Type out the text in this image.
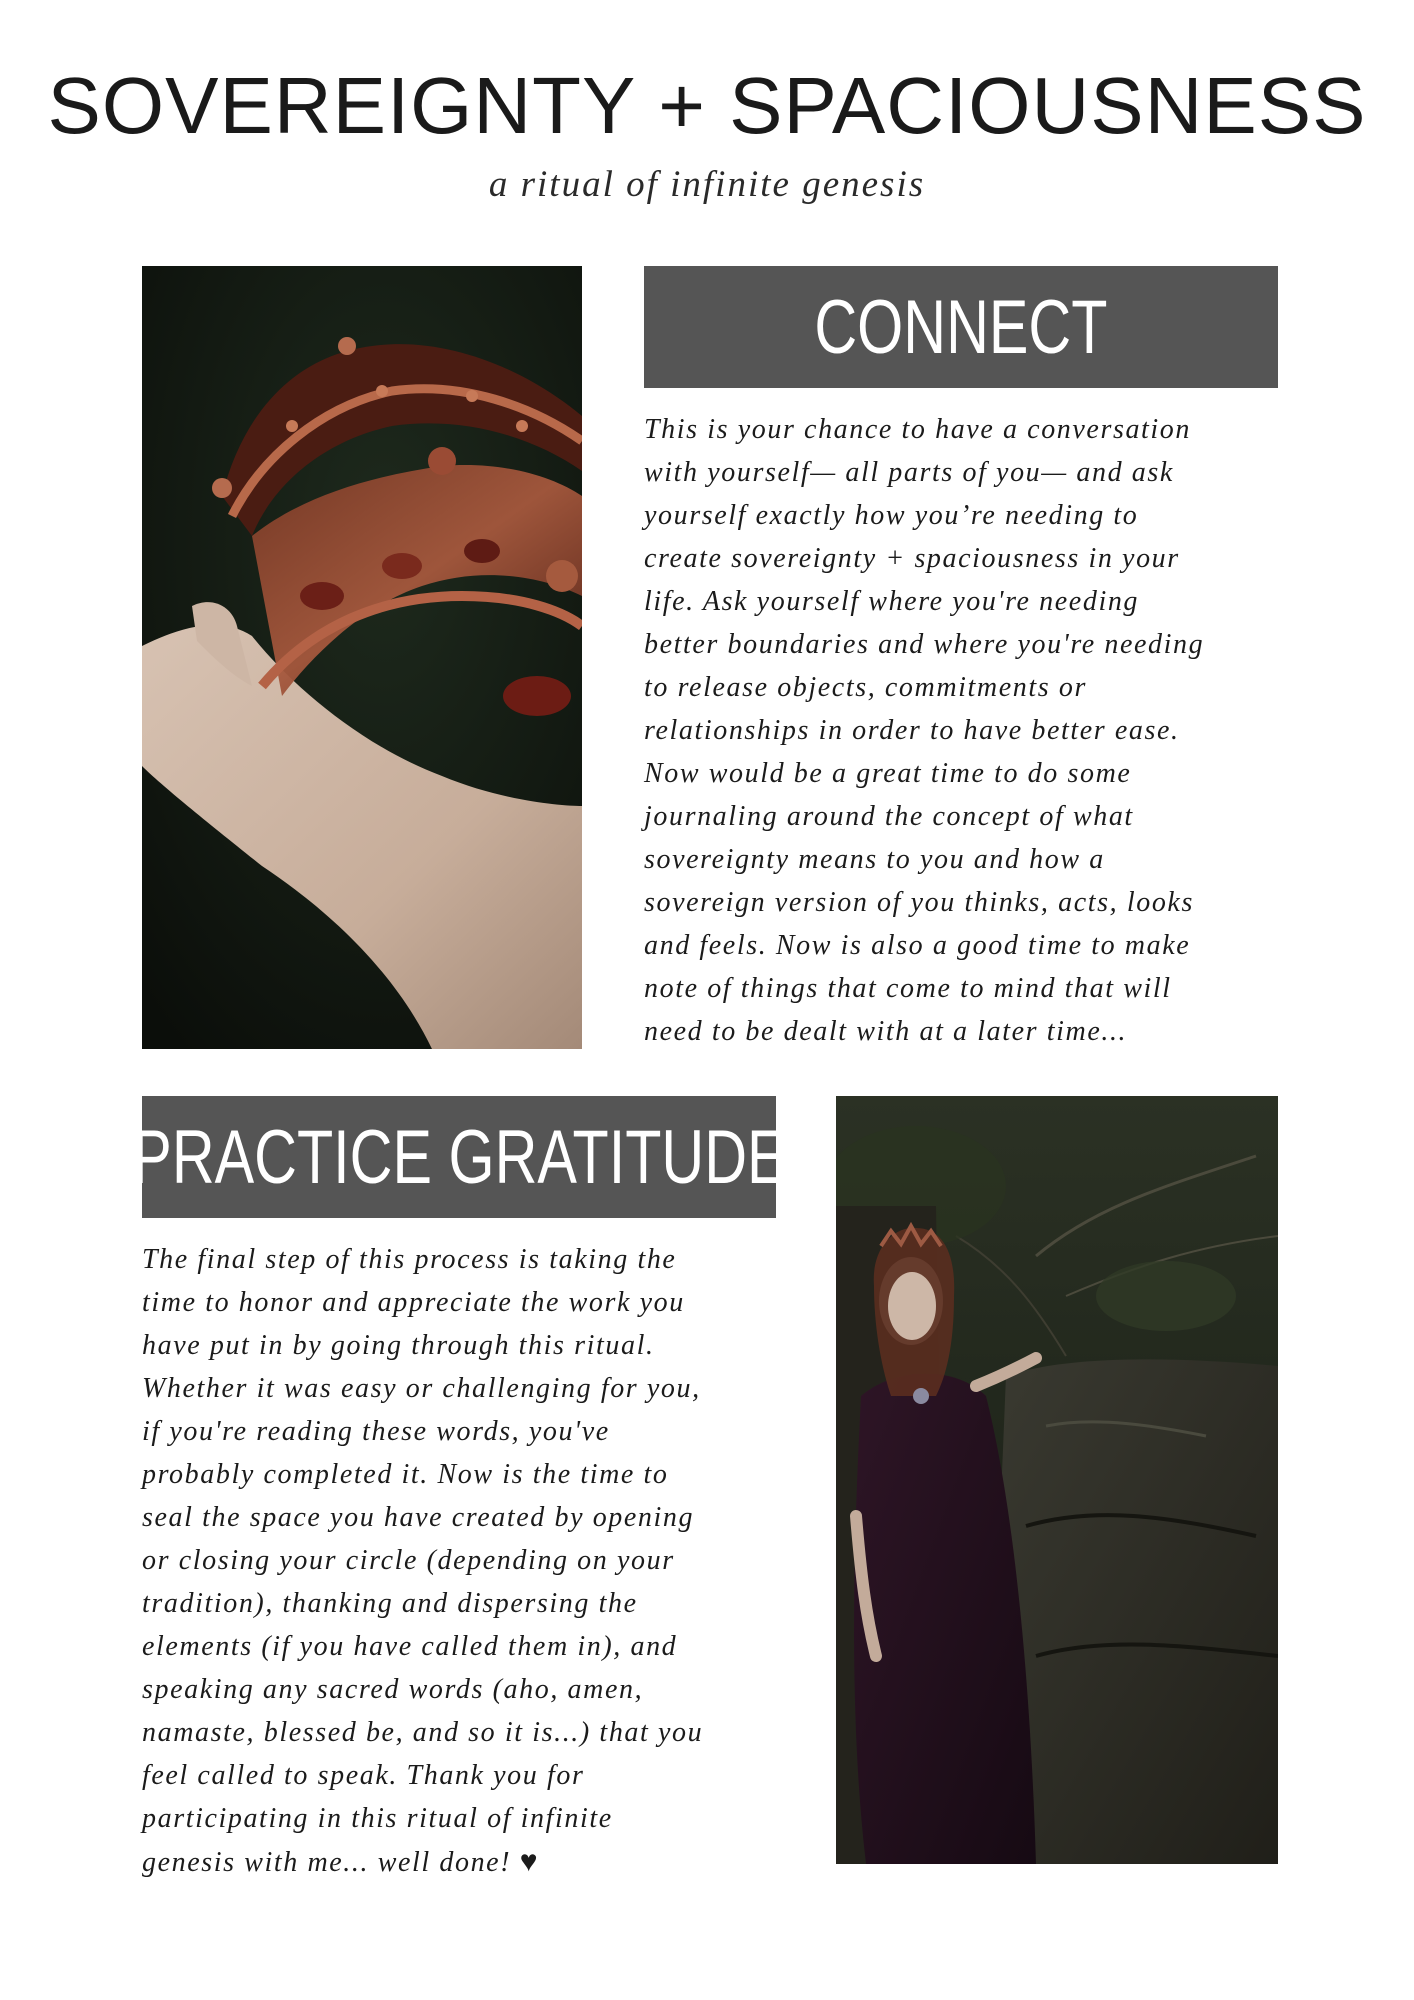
SOVEREIGNTY + SPACIOUSNESS

a ritual of infinite genesis

CONNECT

This is your chance to have a conversation
with yourself— all parts of you— and ask
yourself exactly how you’re needing to
create sovereignty + spaciousness in your
life. Ask yourself where you're needing
better boundaries and where you're needing
to release objects, commitments or
relationships in order to have better ease.
Now would be a great time to do some
journaling around the concept of what
sovereignty means to you and how a
sovereign version of you thinks, acts, looks
and feels. Now is also a good time to make
note of things that come to mind that will
need to be dealt with at a later time...

PRACTICE GRATITUDE

The final step of this process is taking the
time to honor and appreciate the work you
have put in by going through this ritual.
Whether it was easy or challenging for you,
if you're reading these words, you've
probably completed it. Now is the time to
seal the space you have created by opening
or closing your circle (depending on your
tradition), thanking and dispersing the
elements (if you have called them in), and
speaking any sacred words (aho, amen,
namaste, blessed be, and so it is...) that you
feel called to speak. Thank you for
participating in this ritual of infinite
genesis with me... well done! ♥
